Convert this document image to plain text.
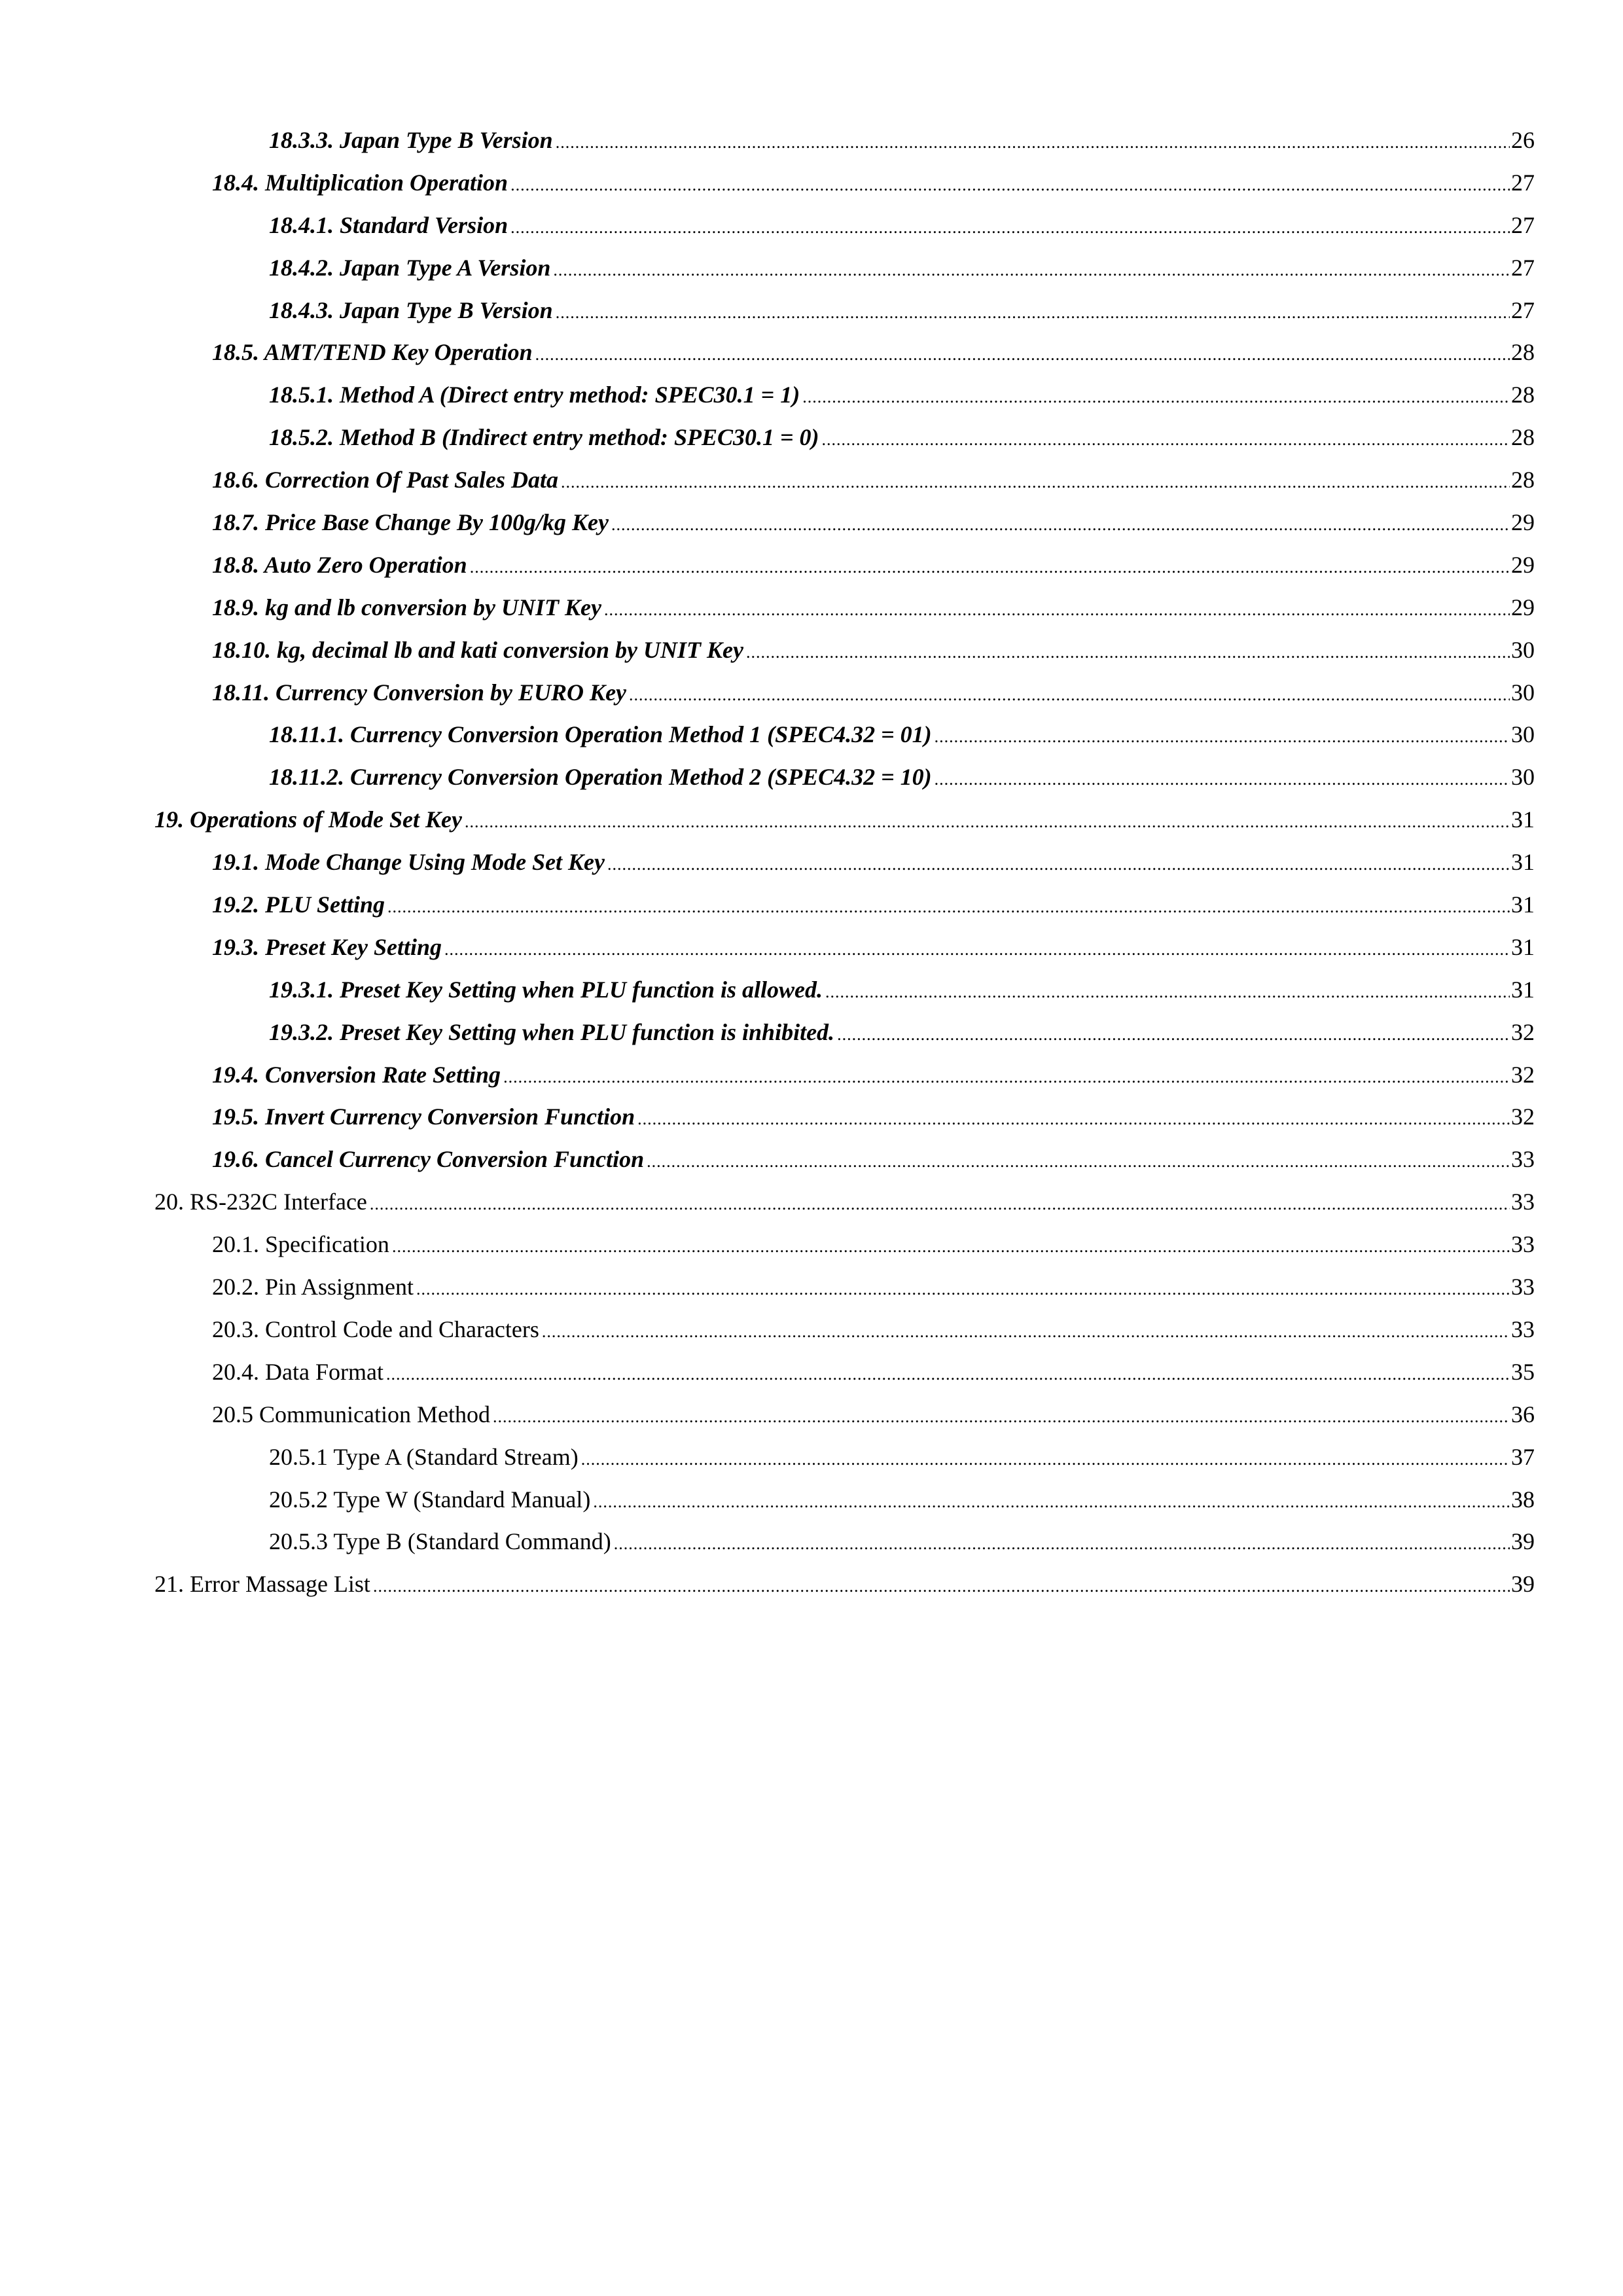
18.3.3. Japan Type B Version .....	26
18.4. Multiplication Operation .....	27
18.4.1. Standard Version .....	27
18.4.2. Japan Type A Version .....	27
18.4.3. Japan Type B Version .....	27
18.5. AMT/TEND Key Operation .....	28
18.5.1. Method A (Direct entry method: SPEC30.1 = 1) .....	28
18.5.2. Method B (Indirect entry method: SPEC30.1 = 0) .....	28
18.6. Correction Of Past Sales Data .....	28
18.7. Price Base Change By 100g/kg Key .....	29
18.8. Auto Zero Operation .....	29
18.9. kg and lb conversion by UNIT Key .....	29
18.10. kg, decimal lb and kati conversion by UNIT Key .....	30
18.11. Currency Conversion by EURO Key .....	30
18.11.1. Currency Conversion Operation Method 1 (SPEC4.32 = 01) .....	30
18.11.2. Currency Conversion Operation Method 2 (SPEC4.32 = 10) .....	30
19. Operations of Mode Set Key .....	31
19.1. Mode Change Using Mode Set Key .....	31
19.2. PLU Setting .....	31
19.3. Preset Key Setting .....	31
19.3.1. Preset Key Setting when PLU function is allowed. .....	31
19.3.2. Preset Key Setting when PLU function is inhibited. .....	32
19.4. Conversion Rate Setting .....	32
19.5. Invert Currency Conversion Function .....	32
19.6. Cancel Currency Conversion Function .....	33
20. RS-232C Interface .....	33
20.1. Specification .....	33
20.2. Pin Assignment .....	33
20.3. Control Code and Characters .....	33
20.4. Data Format .....	35
20.5 Communication Method .....	36
20.5.1 Type A (Standard Stream) .....	37
20.5.2 Type W (Standard Manual) .....	38
20.5.3 Type B (Standard Command) .....	39
21. Error Massage List .....	39
